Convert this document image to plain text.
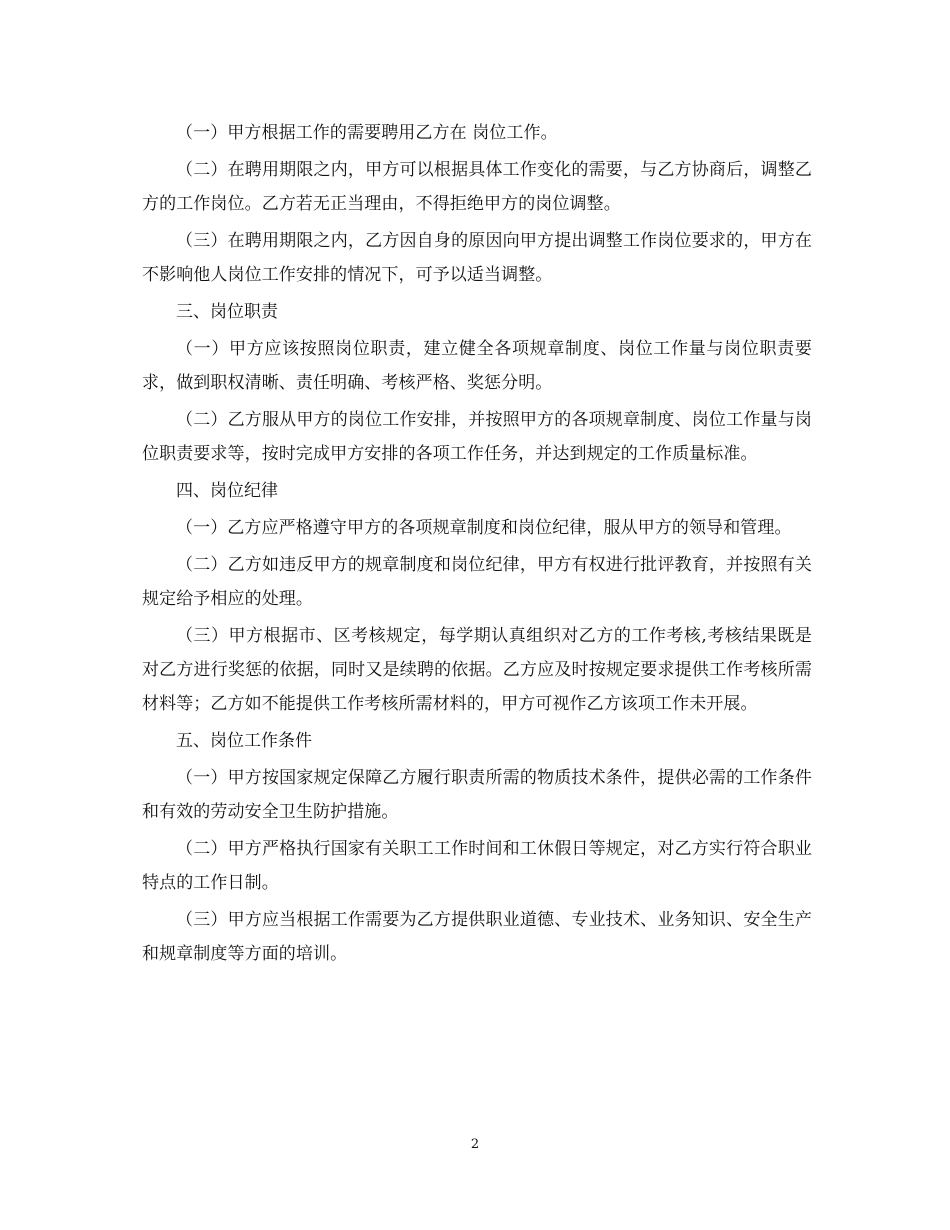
（一）甲方根据工作的需要聘用乙方在 岗位工作。

（二）在聘用期限之内，甲方可以根据具体工作变化的需要，与乙方协商后，调整乙方的工作岗位。乙方若无正当理由，不得拒绝甲方的岗位调整。

（三）在聘用期限之内，乙方因自身的原因向甲方提出调整工作岗位要求的，甲方在不影响他人岗位工作安排的情况下，可予以适当调整。

三、岗位职责

（一）甲方应该按照岗位职责，建立健全各项规章制度、岗位工作量与岗位职责要求，做到职权清晰、责任明确、考核严格、奖惩分明。

（二）乙方服从甲方的岗位工作安排，并按照甲方的各项规章制度、岗位工作量与岗位职责要求等，按时完成甲方安排的各项工作任务，并达到规定的工作质量标准。

四、岗位纪律

（一）乙方应严格遵守甲方的各项规章制度和岗位纪律，服从甲方的领导和管理。

（二）乙方如违反甲方的规章制度和岗位纪律，甲方有权进行批评教育，并按照有关规定给予相应的处理。

（三）甲方根据市、区考核规定，每学期认真组织对乙方的工作考核,考核结果既是对乙方进行奖惩的依据，同时又是续聘的依据。乙方应及时按规定要求提供工作考核所需材料等；乙方如不能提供工作考核所需材料的，甲方可视作乙方该项工作未开展。

五、岗位工作条件

（一）甲方按国家规定保障乙方履行职责所需的物质技术条件，提供必需的工作条件和有效的劳动安全卫生防护措施。

（二）甲方严格执行国家有关职工工作时间和工休假日等规定，对乙方实行符合职业特点的工作日制。

（三）甲方应当根据工作需要为乙方提供职业道德、专业技术、业务知识、安全生产和规章制度等方面的培训。

2
